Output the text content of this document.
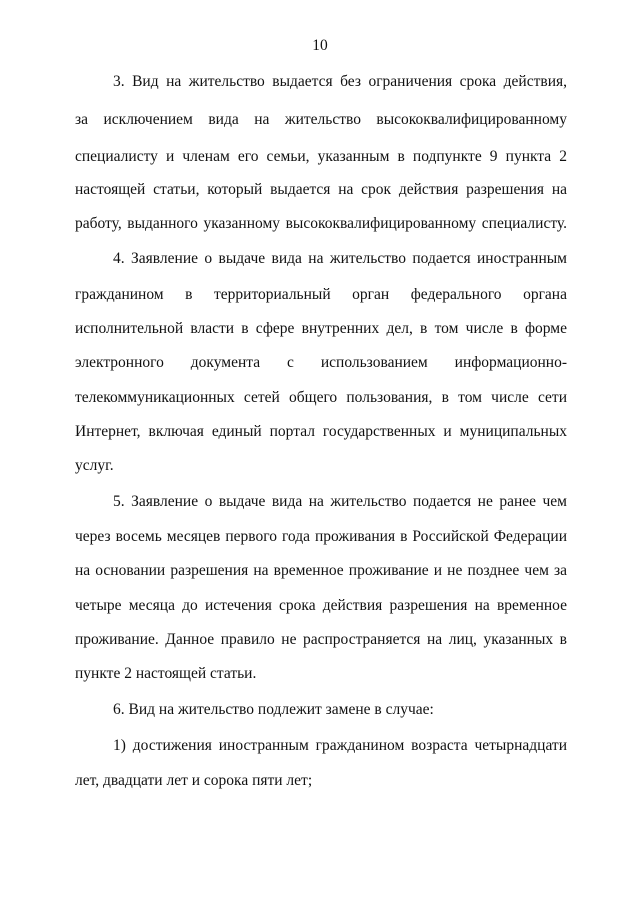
10
3. Вид на жительство выдается без ограничения срока действия,
за исключением вида на жительство высококвалифицированному
специалисту и членам его семьи, указанным в подпункте 9 пункта 2
настоящей статьи, который выдается на срок действия разрешения на
работу, выданного указанному высококвалифицированному специалисту.
4. Заявление о выдаче вида на жительство подается иностранным
гражданином в территориальный орган федерального органа
исполнительной власти в сфере внутренних дел, в том числе в форме
электронного документа с использованием информационно-
телекоммуникационных сетей общего пользования, в том числе сети
Интернет, включая единый портал государственных и муниципальных
услуг.
5. Заявление о выдаче вида на жительство подается не ранее чем
через восемь месяцев первого года проживания в Российской Федерации
на основании разрешения на временное проживание и не позднее чем за
четыре месяца до истечения срока действия разрешения на временное
проживание. Данное правило не распространяется на лиц, указанных в
пункте 2 настоящей статьи.
6. Вид на жительство подлежит замене в случае:
1) достижения иностранным гражданином возраста четырнадцати
лет, двадцати лет и сорока пяти лет;
